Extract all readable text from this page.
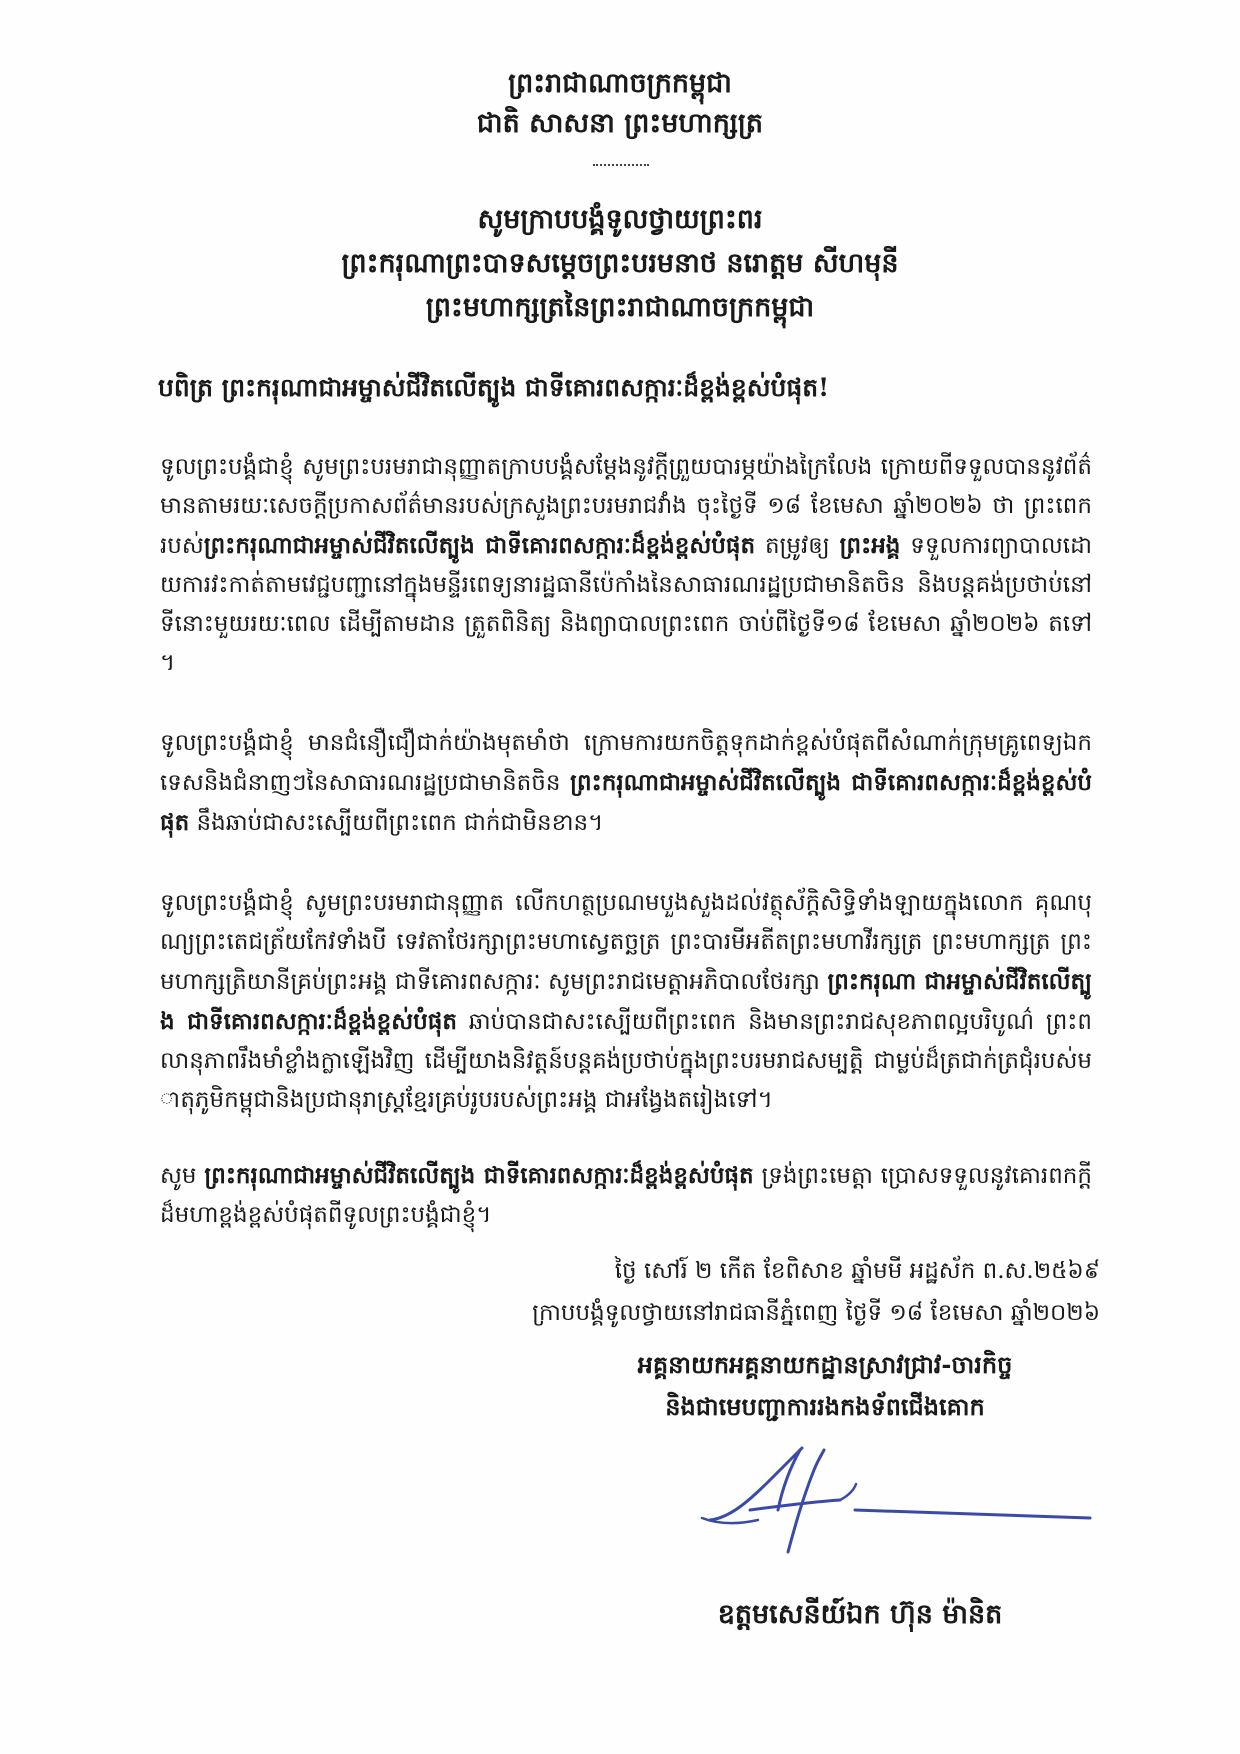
ព្រះរាជាណាចក្រកម្ពុជា
ជាតិ សាសនា ព្រះមហាក្សត្រ
សូមក្រាបបង្គំទូលថ្វាយព្រះពរ
ព្រះករុណាព្រះបាទសម្តេចព្រះបរមនាថ នរោត្តម សីហមុនី
ព្រះមហាក្សត្រនៃព្រះរាជាណាចក្រកម្ពុជា
បពិត្រ ព្រះករុណាជាអម្ចាស់ជីវិតលើត្បូង ជាទីគោរពសក្ការៈដ៏ខ្ពង់ខ្ពស់បំផុត!
ទូលព្រះបង្គំជាខ្ញុំ សូមព្រះបរមរាជានុញ្ញាតក្រាបបង្គំសម្តែងនូវក្តីព្រួយបារម្ភយ៉ាងក្រៃលែង ក្រោយពីទទួលបាននូវព័ត៌មានតាមរយៈសេចក្តីប្រកាសព័ត៌មានរបស់ក្រសួងព្រះបរមរាជវាំង ចុះថ្ងៃទី ១៨ ខែមេសា ឆ្នាំ២០២៦ ថា ព្រះពេក របស់ព្រះករុណាជាអម្ចាស់ជីវិតលើត្បូង ជាទីគោរពសក្ការៈដ៏ខ្ពង់ខ្ពស់បំផុត តម្រូវឲ្យ ព្រះអង្គ ទទួលការព្យាបាលដោយការវះកាត់តាមវេជ្ជបញ្ជានៅក្នុងមន្ទីរពេទ្យនារដ្ឋធានីប៉េកាំងនៃសាធារណរដ្ឋប្រជាមានិតចិន និងបន្តគង់ប្រថាប់នៅទីនោះមួយរយៈពេល ដើម្បីតាមដាន ត្រួតពិនិត្យ និងព្យាបាលព្រះពេក ចាប់ពីថ្ងៃទី១៨ ខែមេសា ឆ្នាំ២០២៦ តទៅ។
ទូលព្រះបង្គំជាខ្ញុំ មានជំនឿជឿជាក់យ៉ាងមុតមាំថា ក្រោមការយកចិត្តទុកដាក់ខ្ពស់បំផុតពីសំណាក់ក្រុមគ្រូពេទ្យឯកទេសនិងជំនាញៗនៃសាធារណរដ្ឋប្រជាមានិតចិន ព្រះករុណាជាអម្ចាស់ជីវិតលើត្បូង ជាទីគោរពសក្ការៈដ៏ខ្ពង់ខ្ពស់បំផុត នឹងឆាប់ជាសះស្បើយពីព្រះពេក ជាក់ជាមិនខាន។
ទូលព្រះបង្គំជាខ្ញុំ សូមព្រះបរមរាជានុញ្ញាត លើកហត្ថប្រណមបួងសួងដល់វត្ថុស័ក្តិសិទ្ធិទាំងឡាយក្នុងលោក គុណបុណ្យព្រះតេជត្រ័យកែវទាំងបី ទេវតាថែរក្សាព្រះមហាស្វេតច្ឆត្រ ព្រះបារមីអតីតព្រះមហាវីរក្សត្រ ព្រះមហាក្សត្រ ព្រះមហាក្សត្រិយានីគ្រប់ព្រះអង្គ ជាទីគោរពសក្ការៈ សូមព្រះរាជមេត្តាអភិបាលថែរក្សា ព្រះករុណា ជាអម្ចាស់ជីវិតលើត្បូង ជាទីគោរពសក្ការៈដ៏ខ្ពង់ខ្ពស់បំផុត ឆាប់បានជាសះស្បើយពីព្រះពេក និងមានព្រះរាជសុខភាពល្អបរិបូណ៌ ព្រះពលានុភាពរឹងមាំខ្លាំងក្លាឡើងវិញ ដើម្បីយាងនិវត្តន៍បន្តគង់ប្រថាប់ក្នុងព្រះបរមរាជសម្បត្តិ ជាម្លប់ដ៏ត្រជាក់ត្រជុំរបស់មាតុភូមិកម្ពុជានិងប្រជានុរាស្ត្រខ្មែរគ្រប់រូបរបស់ព្រះអង្គ ជាអង្វែងតរៀងទៅ។
សូម ព្រះករុណាជាអម្ចាស់ជីវិតលើត្បូង ជាទីគោរពសក្ការៈដ៏ខ្ពង់ខ្ពស់បំផុត ទ្រង់ព្រះមេត្តា ប្រោសទទួលនូវគោរពកក្តីដ៏មហាខ្ពង់ខ្ពស់បំផុតពីទូលព្រះបង្គំជាខ្ញុំ។
ថ្ងៃ សៅរ៍ ២ កើត ខែពិសាខ ឆ្នាំមមី អដ្ឋស័ក ព.ស.២៥៦៩
ក្រាបបង្គំទូលថ្វាយនៅរាជធានីភ្នំពេញ ថ្ងៃទី ១៨ ខែមេសា ឆ្នាំ២០២៦
អគ្គនាយកអគ្គនាយកដ្ឋានស្រាវជ្រាវ-ចារកិច្ច
និងជាមេបញ្ជាការរងកងទ័ពជើងគោក
ឧត្តមសេនីយ៍ឯក ហ៊ុន ម៉ានិត
